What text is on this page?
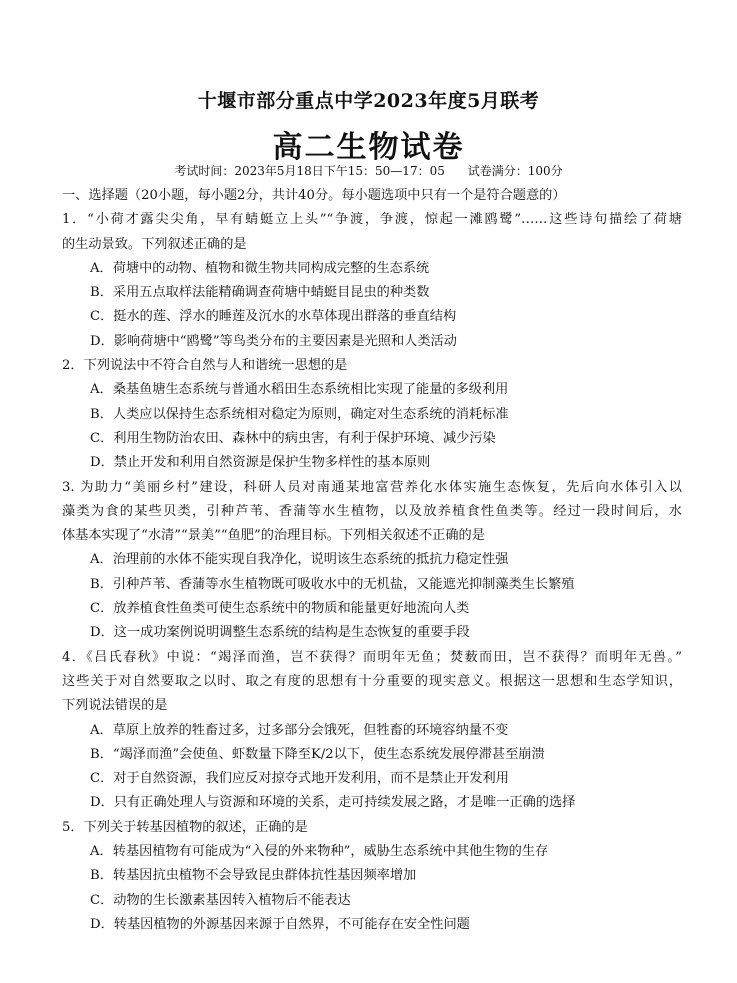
十堰市部分重点中学2023年度5月联考
高二生物试卷
考试时间：2023年5月18日下午15：50—17：05 试卷满分：100分
一、选择题（20小题，每小题2分，共计40分。每小题选项中只有一个是符合题意的）
1．“小荷才露尖尖角，早有蜻蜓立上头”“争渡，争渡，惊起一滩鸥鹭”……这些诗句描绘了荷塘
的生动景致。下列叙述正确的是
A．荷塘中的动物、植物和微生物共同构成完整的生态系统
B．采用五点取样法能精确调查荷塘中蜻蜓目昆虫的种类数
C．挺水的莲、浮水的睡莲及沉水的水草体现出群落的垂直结构
D．影响荷塘中“鸥鹭”等鸟类分布的主要因素是光照和人类活动
2．下列说法中不符合自然与人和谐统一思想的是
A．桑基鱼塘生态系统与普通水稻田生态系统相比实现了能量的多级利用
B．人类应以保持生态系统相对稳定为原则，确定对生态系统的消耗标准
C．利用生物防治农田、森林中的病虫害，有利于保护环境、减少污染
D．禁止开发和利用自然资源是保护生物多样性的基本原则
3. 为助力“美丽乡村”建设，科研人员对南通某地富营养化水体实施生态恢复，先后向水体引入以
藻类为食的某些贝类，引种芦苇、香蒲等水生植物，以及放养植食性鱼类等。经过一段时间后，水
体基本实现了“水清”“景美”“鱼肥”的治理目标。下列相关叙述不正确的是
A．治理前的水体不能实现自我净化，说明该生态系统的抵抗力稳定性强
B．引种芦苇、香蒲等水生植物既可吸收水中的无机盐，又能遮光抑制藻类生长繁殖
C．放养植食性鱼类可使生态系统中的物质和能量更好地流向人类
D．这一成功案例说明调整生态系统的结构是生态恢复的重要手段
4．《吕氏春秋》中说：“竭泽而渔，岂不获得？而明年无鱼；焚薮而田，岂不获得？而明年无兽。”
这些关于对自然要取之以时、取之有度的思想有十分重要的现实意义。根据这一思想和生态学知识，
下列说法错误的是
A．草原上放养的牲畜过多，过多部分会饿死，但牲畜的环境容纳量不变
B．“竭泽而渔”会使鱼、虾数量下降至K/2以下，使生态系统发展停滞甚至崩溃
C．对于自然资源，我们应反对掠夺式地开发利用，而不是禁止开发利用
D．只有正确处理人与资源和环境的关系，走可持续发展之路，才是唯一正确的选择
5．下列关于转基因植物的叙述，正确的是
A．转基因植物有可能成为“入侵的外来物种”，威胁生态系统中其他生物的生存
B．转基因抗虫植物不会导致昆虫群体抗性基因频率增加
C．动物的生长激素基因转入植物后不能表达
D．转基因植物的外源基因来源于自然界，不可能存在安全性问题
